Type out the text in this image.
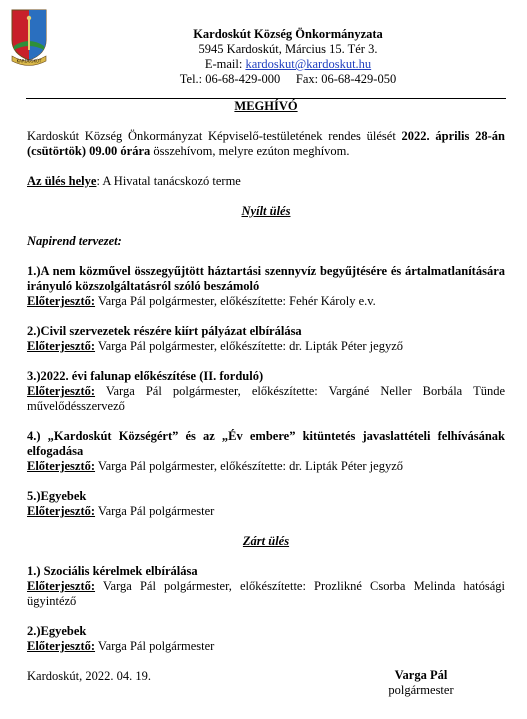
KARDOSKÚT
Kardoskút Község Önkormányzata
5945 Kardoskút, Március 15. Tér 3.
E-mail: kardoskut@kardoskut.hu
Tel.: 06-68-429-000     Fax: 06-68-429-050

MEGHÍVÓ

Kardoskút Község Önkormányzat Képviselő-testületének rendes ülését 2022. április 28-án (csütörtök) 09.00 órára összehívom, melyre ezúton meghívom.

Az ülés helye: A Hivatal tanácskozó terme

Nyílt ülés

Napirend tervezet:

1.)A nem közművel összegyűjtött háztartási szennyvíz begyűjtésére és ártalmatlanítására irányuló közszolgáltatásról szóló beszámoló

Előterjesztő: Varga Pál polgármester, előkészítette: Fehér Károly e.v.

2.)Civil szervezetek részére kiírt pályázat elbírálása

Előterjesztő: Varga Pál polgármester, előkészítette: dr. Lipták Péter jegyző

3.)2022. évi falunap előkészítése (II. forduló)

Előterjesztő: Varga Pál polgármester, előkészítette: Vargáné Neller Borbála Tünde művelődésszervező

4.) „Kardoskút Községért” és az „Év embere” kitüntetés javaslattételi felhívásának elfogadása

Előterjesztő: Varga Pál polgármester, előkészítette: dr. Lipták Péter jegyző

5.)Egyebek

Előterjesztő: Varga Pál polgármester

Zárt ülés

1.) Szociális kérelmek elbírálása

Előterjesztő: Varga Pál polgármester, előkészítette: Prozlikné Csorba Melinda hatósági ügyintéző

2.)Egyebek

Előterjesztő: Varga Pál polgármester

Kardoskút, 2022. 04. 19.	Varga Pál
polgármester
